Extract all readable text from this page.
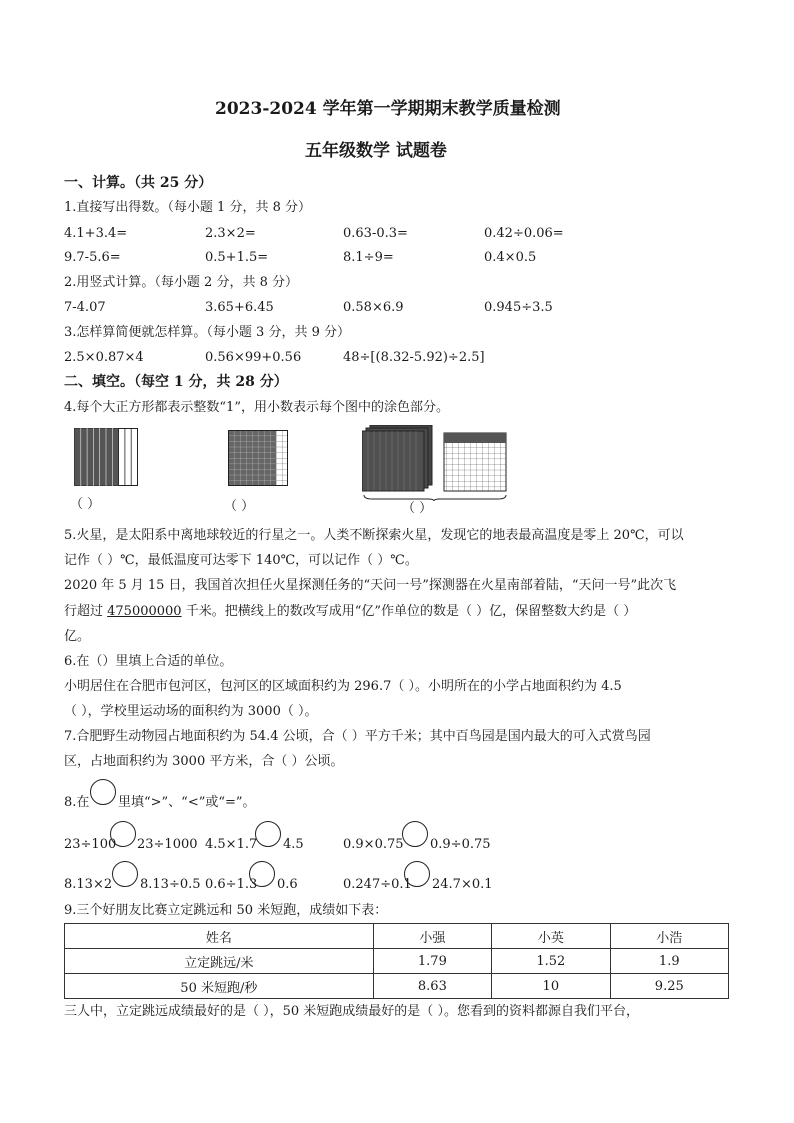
2023-2024 学年第一学期期末教学质量检测
五年级数学 试题卷
一、计算。（共 25 分）
1.直接写出得数。（每小题 1 分，共 8 分）
4.1+3.4=	2.3×2=	0.63-0.3=	0.42÷0.06=
9.7-5.6=	0.5+1.5=	8.1÷9=	0.4×0.5
2.用竖式计算。（每小题 2 分，共 8 分）
7-4.07	3.65+6.45	0.58×6.9	0.945÷3.5
3.怎样算简便就怎样算。（每小题 3 分，共 9 分）
2.5×0.87×4	0.56×99+0.56	48÷[(8.32-5.92)÷2.5]
二、填空。（每空 1 分，共 28 分）
4.每个大正方形都表示整数“1”，用小数表示每个图中的涂色部分。
（ ）	（ ）	（ ）
5.火星，是太阳系中离地球较近的行星之一。人类不断探索火星，发现它的地表最高温度是零上 20℃，可以
记作（ ）℃，最低温度可达零下 140℃，可以记作（ ）℃。
2020 年 5 月 15 日，我国首次担任火星探测任务的“天问一号”探测器在火星南部着陆，“天问一号”此次飞
行超过 475000000 千米。把横线上的数改写成用“亿”作单位的数是（ ）亿，保留整数大约是（ ）
亿。
6.在（）里填上合适的单位。
小明居住在合肥市包河区，包河区的区域面积约为 296.7（ ）。小明所在的小学占地面积约为 4.5
（ ），学校里运动场的面积约为 3000（ ）。
7.合肥野生动物园占地面积约为 54.4 公顷，合（ ）平方千米；其中百鸟园是国内最大的可入式赏鸟园
区，占地面积约为 3000 平方米，合（ ）公顷。
8.在 里填“>”、“<”或“=”。
23÷100 23÷1000 4.5×1.7 4.5	0.9×0.75 0.9÷0.75
8.13×2 8.13÷0.5 0.6÷1.3 0.6	0.247÷0.1 24.7×0.1
9.三个好朋友比赛立定跳远和 50 米短跑，成绩如下表：
姓名	小强	小英	小浩
立定跳远/米	1.79	1.52	1.9
50 米短跑/秒	8.63	10	9.25
三人中，立定跳远成绩最好的是（ ），50 米短跑成绩最好的是（ ）。您看到的资料都源自我们平台，
